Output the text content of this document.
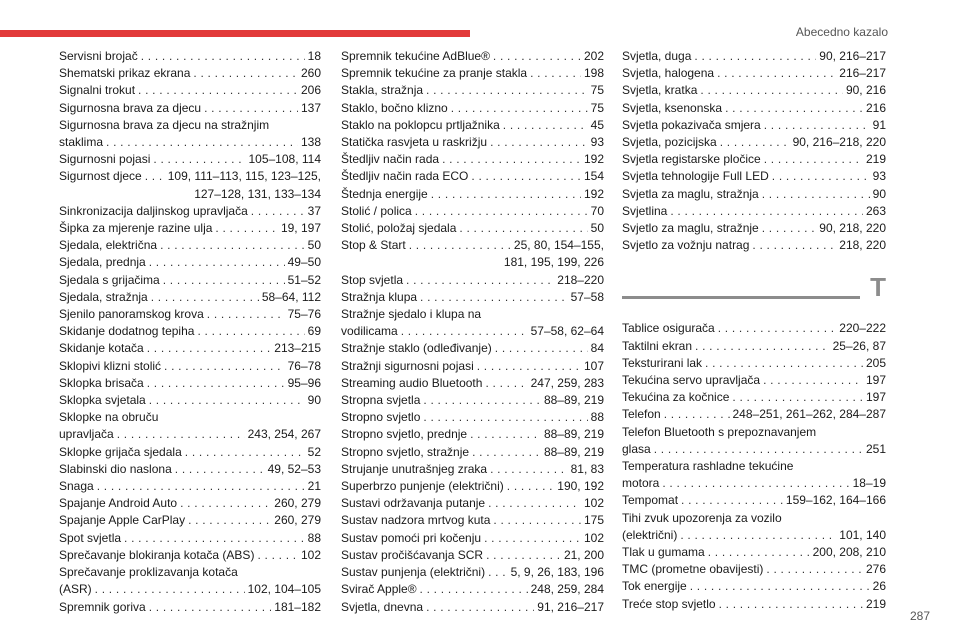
Abecedno kazalo
Servisni brojač . . .	18
Shematski prikaz ekrana . . .	260
Signalni trokut . . .	206
Sigurnosna brava za djecu . . .	137
Sigurnosna brava za djecu na stražnjim
staklima . . .	138
Sigurnosni pojasi . . .	105–108, 114
Sigurnost djece . . . 109, 111–113, 115, 123–125,
127–128, 131, 133–134
Sinkronizacija daljinskog upravljača . . .	37
Šipka za mjerenje razine ulja . . .	19, 197
Sjedala, električna . . .	50
Sjedala, prednja . . .	49–50
Sjedala s grijačima . . .	51–52
Sjedala, stražnja . . .	58–64, 112
Sjenilo panoramskog krova . . .	75–76
Skidanje dodatnog tepiha . . .	69
Skidanje kotača . . .	213–215
Sklopivi klizni stolić . . .	76–78
Sklopka brisača . . .	95–96
Sklopka svjetala . . .	90
Sklopke na obruču
upravljača . . .	243, 254, 267
Sklopke grijača sjedala . . .	52
Slabinski dio naslona . . .	49, 52–53
Snaga . . .	21
Spajanje Android Auto . . .	260, 279
Spajanje Apple CarPlay . . .	260, 279
Spot svjetla . . .	88
Sprečavanje blokiranja kotača (ABS) . . .	102
Sprečavanje proklizavanja kotača
(ASR) . . .	102, 104–105
Spremnik goriva . . .	181–182
Spremnik tekućine AdBlue® . . .	202
Spremnik tekućine za pranje stakla . . .	198
Stakla, stražnja . . .	75
Staklo, bočno klizno . . .	75
Staklo na poklopcu prtljažnika . . .	45
Statička rasvjeta u raskrižju . . .	93
Štedljiv način rada . . .	192
Štedljiv način rada ECO . . .	154
Štednja energije . . .	192
Stolić / polica . . .	70
Stolić, položaj sjedala . . .	50
Stop & Start . . .	25, 80, 154–155,
181, 195, 199, 226
Stop svjetla . . .	218–220
Stražnja klupa . . .	57–58
Stražnje sjedalo i klupa na
vodilicama . . .	57–58, 62–64
Stražnje staklo (odleđivanje) . . .	84
Stražnji sigurnosni pojasi . . .	107
Streaming audio Bluetooth . . .	247, 259, 283
Stropna svjetla . . .	88–89, 219
Stropno svjetlo . . .	88
Stropno svjetlo, prednje . . .	88–89, 219
Stropno svjetlo, stražnje . . .	88–89, 219
Strujanje unutrašnjeg zraka . . .	81, 83
Superbrzo punjenje (električni) . . .	190, 192
Sustavi održavanja putanje . . .	102
Sustav nadzora mrtvog kuta . . .	175
Sustav pomoći pri kočenju . . .	102
Sustav pročišćavanja SCR . . .	21, 200
Sustav punjenja (električni) . . . 5, 9, 26, 183, 196
Svirač Apple® . . .	248, 259, 284
Svjetla, dnevna . . .	91, 216–217
Svjetla, duga . . .	90, 216–217
Svjetla, halogena . . .	216–217
Svjetla, kratka . . .	90, 216
Svjetla, ksenonska . . .	216
Svjetla pokazivača smjera . . .	91
Svjetla, pozicijska . . .	90, 216–218, 220
Svjetla registarske pločice . . .	219
Svjetla tehnologije Full LED . . .	93
Svjetla za maglu, stražnja . . .	90
Svjetlina . . .	263
Svjetlo za maglu, stražnje . . .	90, 218, 220
Svjetlo za vožnju natrag . . .	218, 220
T
Tablice osigurača . . .	220–222
Taktilni ekran . . .	25–26, 87
Teksturirani lak . . .	205
Tekućina servo upravljača . . .	197
Tekućina za kočnice . . .	197
Telefon . . .	248–251, 261–262, 284–287
Telefon Bluetooth s prepoznavanjem
glasa . . .	251
Temperatura rashladne tekućine
motora . . .	18–19
Tempomat . . .	159–162, 164–166
Tihi zvuk upozorenja za vozilo
(električni) . . .	101, 140
Tlak u gumama . . .	200, 208, 210
TMC (prometne obavijesti) . . .	276
Tok energije . . .	26
Treće stop svjetlo . . .	219
287
